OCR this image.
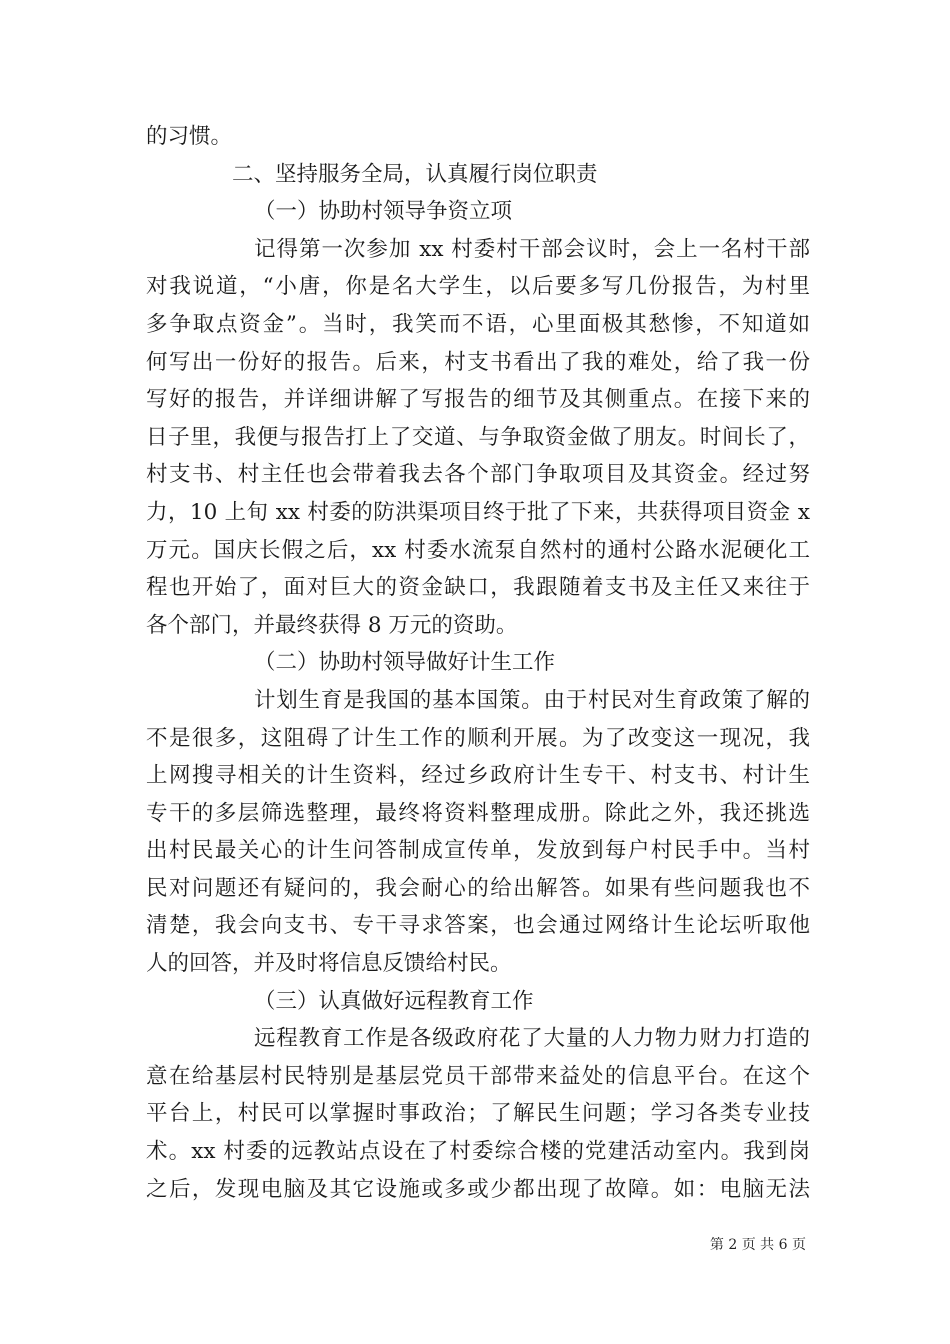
的习惯。
二、坚持服务全局，认真履行岗位职责
（一）协助村领导争资立项
记得第一次参加 xx 村委村干部会议时，会上一名村干部
对我说道，“小唐，你是名大学生，以后要多写几份报告，为村里
多争取点资金”。当时，我笑而不语，心里面极其愁惨，不知道如
何写出一份好的报告。后来，村支书看出了我的难处，给了我一份
写好的报告，并详细讲解了写报告的细节及其侧重点。在接下来的
日子里，我便与报告打上了交道、与争取资金做了朋友。时间长了，
村支书、村主任也会带着我去各个部门争取项目及其资金。经过努
力，10 上旬 xx 村委的防洪渠项目终于批了下来，共获得项目资金 x
万元。国庆长假之后，xx 村委水流泵自然村的通村公路水泥硬化工
程也开始了，面对巨大的资金缺口，我跟随着支书及主任又来往于
各个部门，并最终获得 8 万元的资助。
（二）协助村领导做好计生工作
计划生育是我国的基本国策。由于村民对生育政策了解的
不是很多，这阻碍了计生工作的顺利开展。为了改变这一现况，我
上网搜寻相关的计生资料，经过乡政府计生专干、村支书、村计生
专干的多层筛选整理，最终将资料整理成册。除此之外，我还挑选
出村民最关心的计生问答制成宣传单，发放到每户村民手中。当村
民对问题还有疑问的，我会耐心的给出解答。如果有些问题我也不
清楚，我会向支书、专干寻求答案，也会通过网络计生论坛听取他
人的回答，并及时将信息反馈给村民。
（三）认真做好远程教育工作
远程教育工作是各级政府花了大量的人力物力财力打造的
意在给基层村民特别是基层党员干部带来益处的信息平台。在这个
平台上，村民可以掌握时事政治；了解民生问题；学习各类专业技
术。xx 村委的远教站点设在了村委综合楼的党建活动室内。我到岗
之后，发现电脑及其它设施或多或少都出现了故障。如：电脑无法
第 2 页 共 6 页
